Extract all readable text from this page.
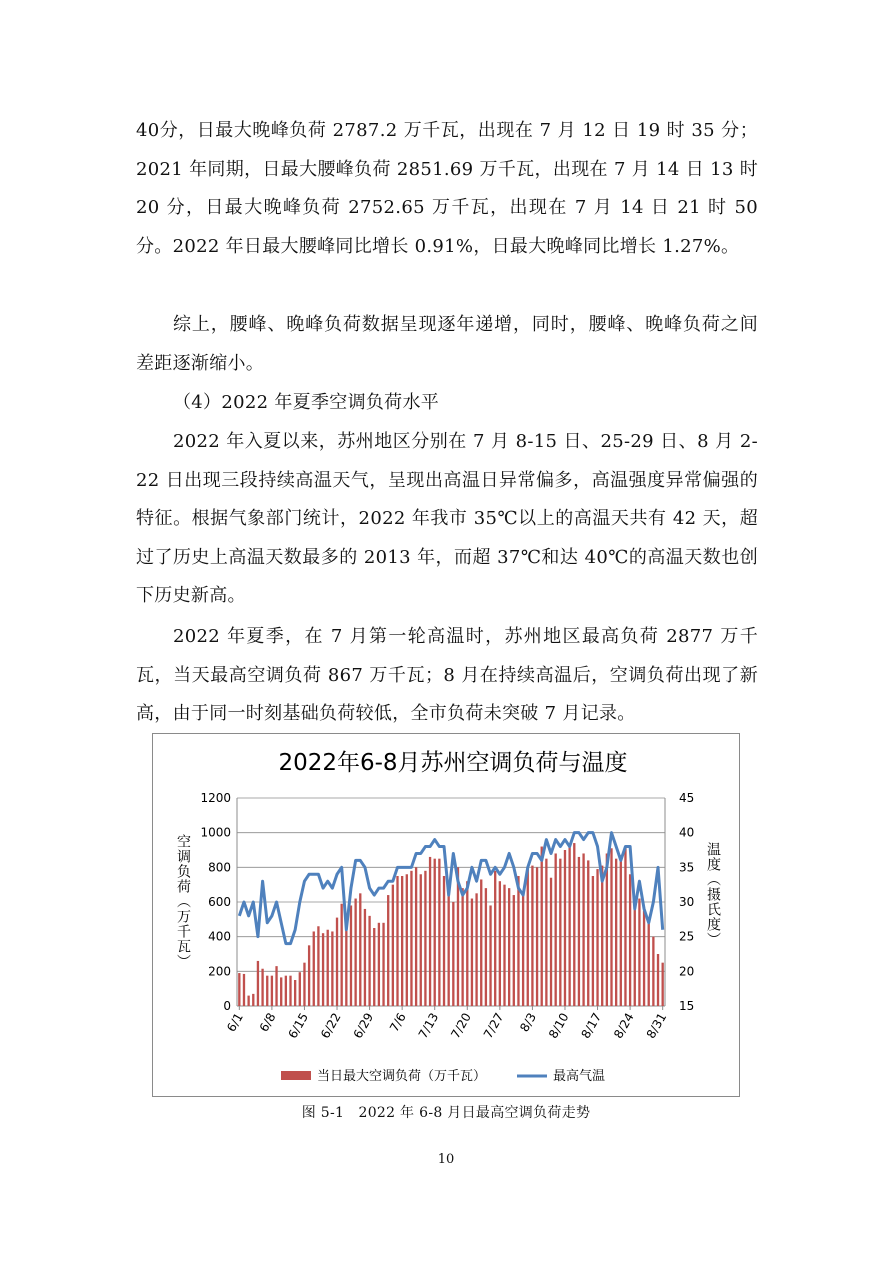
40分，日最大晚峰负荷 2787.2 万千瓦，出现在 7 月 12 日 19 时 35 分；2021 年同期，日最大腰峰负荷 2851.69 万千瓦，出现在 7 月 14 日 13 时 20 分，日最大晚峰负荷 2752.65 万千瓦，出现在 7 月 14 日 21 时 50 分。2022 年日最大腰峰同比增长 0.91%，日最大晚峰同比增长 1.27%。

综上，腰峰、晚峰负荷数据呈现逐年递增，同时，腰峰、晚峰负荷之间差距逐渐缩小。

（4）2022 年夏季空调负荷水平

2022 年入夏以来，苏州地区分别在 7 月 8-15 日、25-29 日、8 月 2-22 日出现三段持续高温天气，呈现出高温日异常偏多，高温强度异常偏强的特征。根据气象部门统计，2022 年我市 35℃以上的高温天共有 42 天，超过了历史上高温天数最多的 2013 年，而超 37℃和达 40℃的高温天数也创下历史新高。

2022 年夏季，在 7 月第一轮高温时，苏州地区最高负荷 2877 万千瓦，当天最高空调负荷 867 万千瓦；8 月在持续高温后，空调负荷出现了新高，由于同一时刻基础负荷较低，全市负荷未突破 7 月记录。

2022年6-8月苏州空调负荷与温度
0
200
400
600
800
1000
1200
15
20
25
30
35
40
45
6/1 6/8 6/15 6/22 6/29 7/6 7/13 7/20 7/27 8/3 8/10 8/17 8/24 8/31
空调负荷（万千瓦）	温度（摄氏度）
当日最大空调负荷（万千瓦）	最高气温
图 5-1　2022 年 6-8 月日最高空调负荷走势
10
